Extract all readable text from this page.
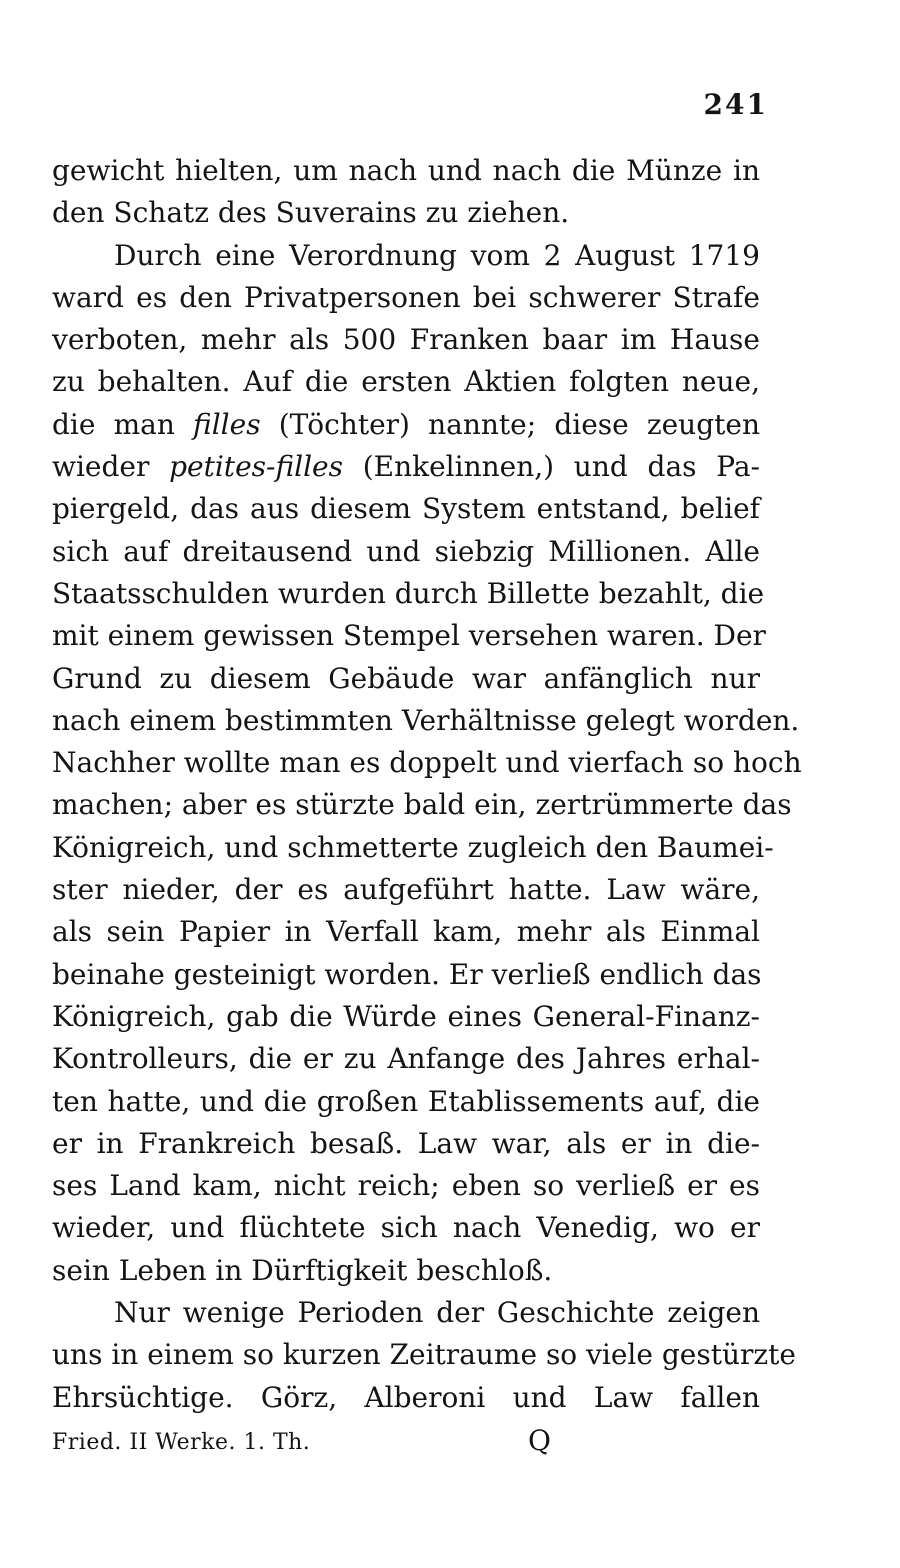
241
gewicht hielten, um nach und nach die Münze in
den Schatz des Suverains zu ziehen.
Durch eine Verordnung vom 2 August 1719
ward es den Privatpersonen bei schwerer Strafe
verboten, mehr als 500 Franken baar im Hause
zu behalten. Auf die ersten Aktien folgten neue,
die man filles (Töchter) nannte; diese zeugten
wieder petites-filles (Enkelinnen,) und das Pa-
piergeld, das aus diesem System entstand, belief
sich auf dreitausend und siebzig Millionen. Alle
Staatsschulden wurden durch Billette bezahlt, die
mit einem gewissen Stempel versehen waren. Der
Grund zu diesem Gebäude war anfänglich nur
nach einem bestimmten Verhältnisse gelegt worden.
Nachher wollte man es doppelt und vierfach so hoch
machen; aber es stürzte bald ein, zertrümmerte das
Königreich, und schmetterte zugleich den Baumei-
ster nieder, der es aufgeführt hatte. Law wäre,
als sein Papier in Verfall kam, mehr als Einmal
beinahe gesteinigt worden. Er verließ endlich das
Königreich, gab die Würde eines General-Finanz-
Kontrolleurs, die er zu Anfange des Jahres erhal-
ten hatte, und die großen Etablissements auf, die
er in Frankreich besaß. Law war, als er in die-
ses Land kam, nicht reich; eben so verließ er es
wieder, und flüchtete sich nach Venedig, wo er
sein Leben in Dürftigkeit beschloß.
Nur wenige Perioden der Geschichte zeigen
uns in einem so kurzen Zeitraume so viele gestürzte
Ehrsüchtige. Görz, Alberoni und Law fallen
Fried. II Werke. 1. Th.	Q
